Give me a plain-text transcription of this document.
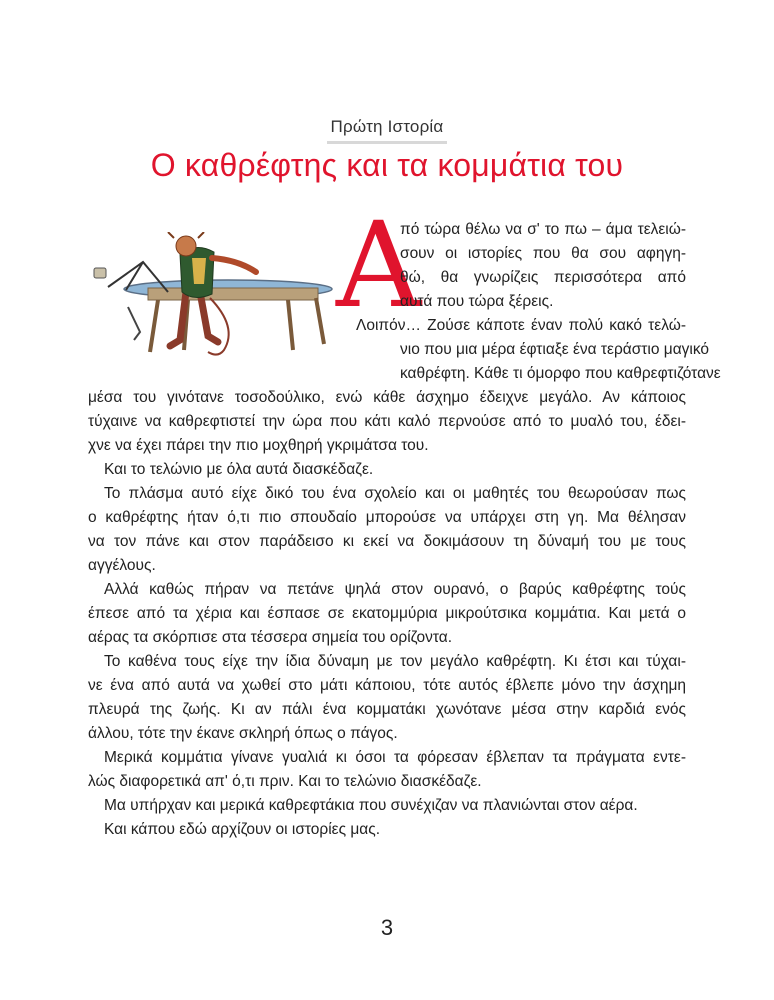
Πρώτη Ιστορία
Ο καθρέφτης και τα κομμάτια του
Α
πό τώρα θέλω να σ' το πω – άμα τελειώ-
σουν οι ιστορίες που θα σου αφηγη-
θώ, θα γνωρίζεις περισσότερα από
αυτά που τώρα ξέρεις.
Λοιπόν… Ζούσε κάποτε έναν πολύ κακό τελώ-
νιο που μια μέρα έφτιαξε ένα τεράστιο μαγικό
καθρέφτη. Κάθε τι όμορφο που καθρεφτιζότανε
μέσα του γινότανε τοσοδούλικο, ενώ κάθε άσχημο έδειχνε μεγάλο. Αν κάποιος
τύχαινε να καθρεφτιστεί την ώρα που κάτι καλό περνούσε από το μυαλό του, έδει-
χνε να έχει πάρει την πιο μοχθηρή γκριμάτσα του.
Και το τελώνιο με όλα αυτά διασκέδαζε.
Το πλάσμα αυτό είχε δικό του ένα σχολείο και οι μαθητές του θεωρούσαν πως
ο καθρέφτης ήταν ό,τι πιο σπουδαίο μπορούσε να υπάρχει στη γη. Μα θέλησαν
να τον πάνε και στον παράδεισο κι εκεί να δοκιμάσουν τη δύναμή του με τους
αγγέλους.
Αλλά καθώς πήραν να πετάνε ψηλά στον ουρανό, ο βαρύς καθρέφτης τούς
έπεσε από τα χέρια και έσπασε σε εκατομμύρια μικρούτσικα κομμάτια. Και μετά ο
αέρας τα σκόρπισε στα τέσσερα σημεία του ορίζοντα.
Το καθένα τους είχε την ίδια δύναμη με τον μεγάλο καθρέφτη. Κι έτσι και τύχαι-
νε ένα από αυτά να χωθεί στο μάτι κάποιου, τότε αυτός έβλεπε μόνο την άσχημη
πλευρά της ζωής. Κι αν πάλι ένα κομματάκι χωνότανε μέσα στην καρδιά ενός
άλλου, τότε την έκανε σκληρή όπως ο πάγος.
Μερικά κομμάτια γίνανε γυαλιά κι όσοι τα φόρεσαν έβλεπαν τα πράγματα εντε-
λώς διαφορετικά απ' ό,τι πριν. Και το τελώνιο διασκέδαζε.
Μα υπήρχαν και μερικά καθρεφτάκια που συνέχιζαν να πλανιώνται στον αέρα.
Και κάπου εδώ αρχίζουν οι ιστορίες μας.
3
